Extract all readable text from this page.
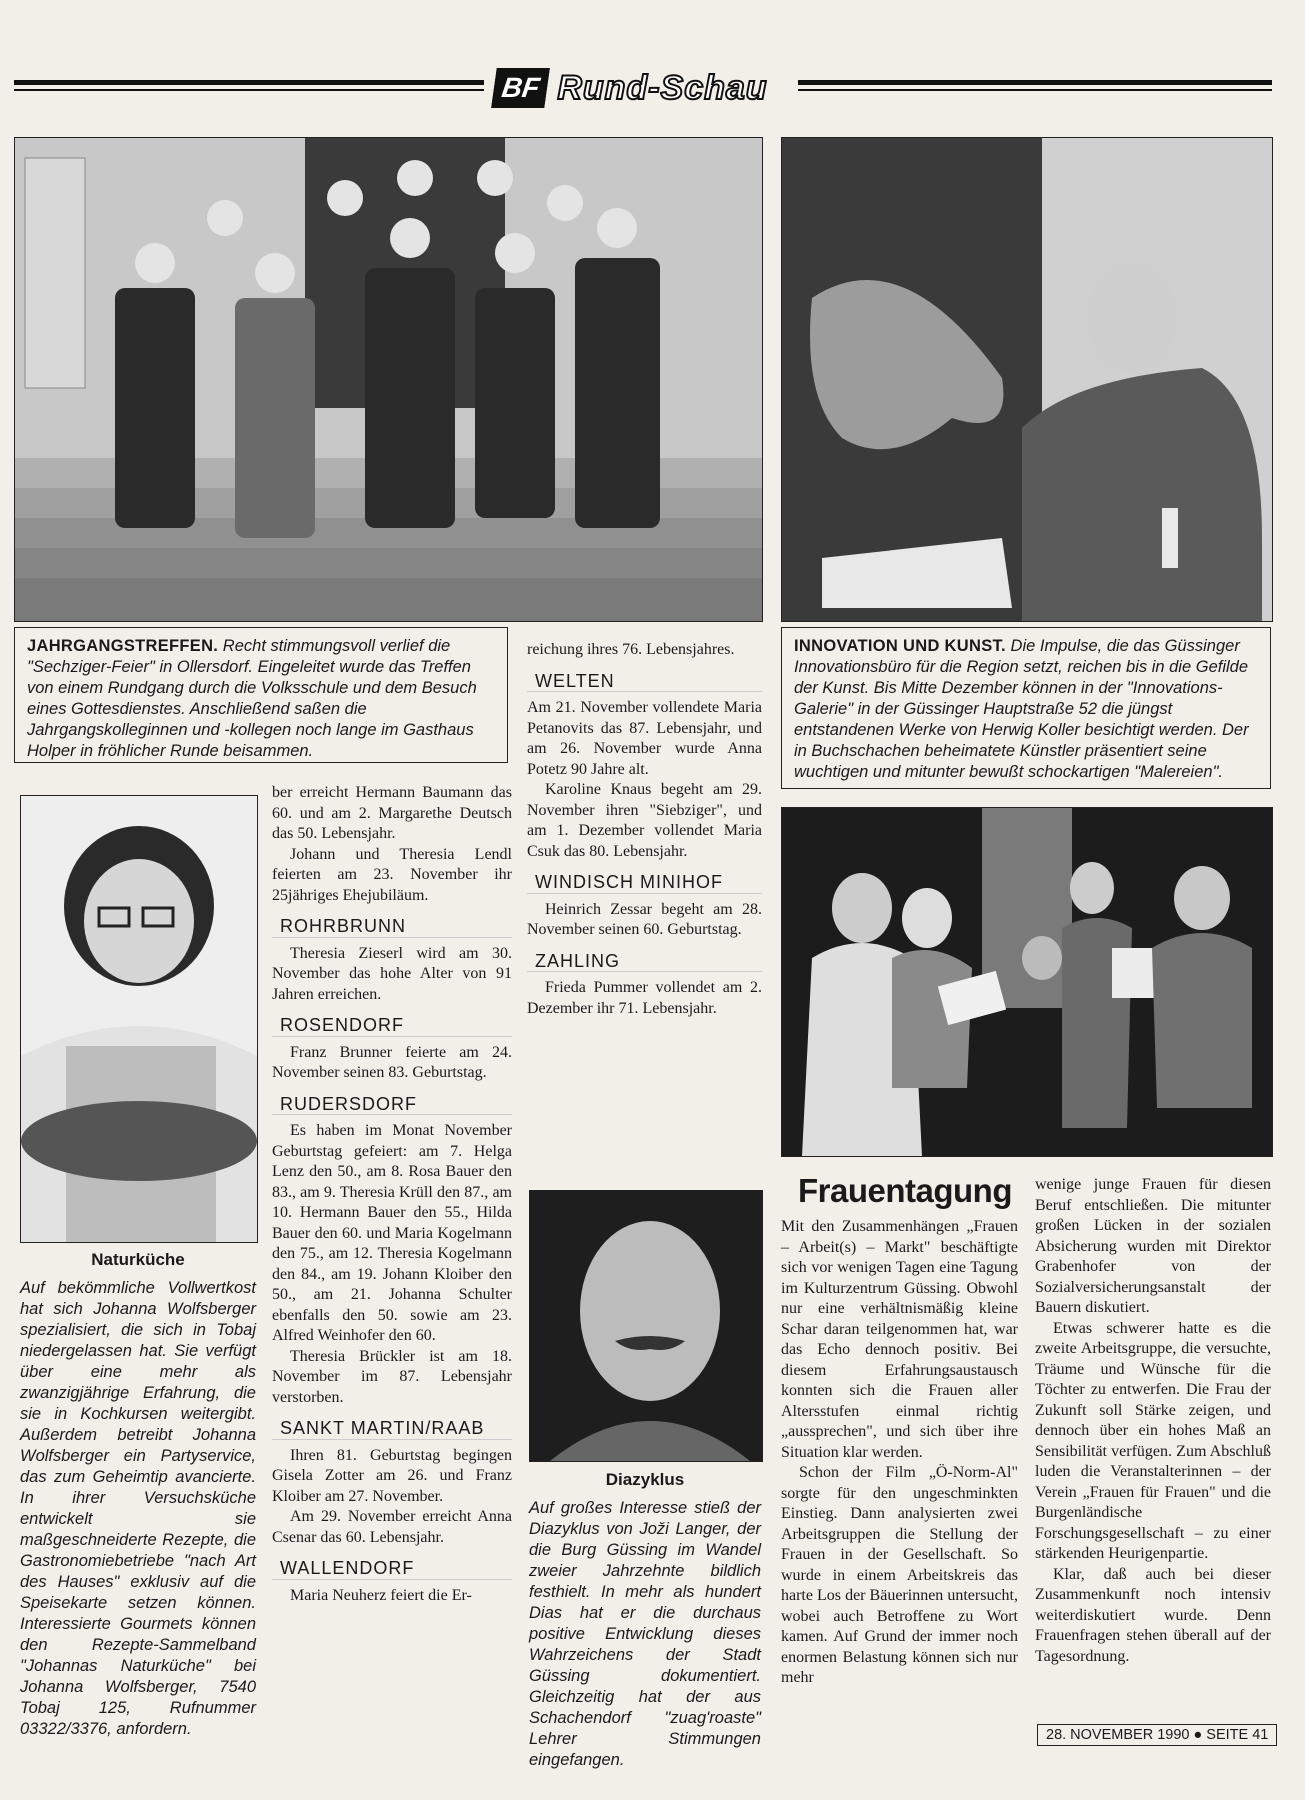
BF Rund-Schau
JAHRGANGSTREFFEN. Recht stimmungsvoll verlief die "Sechziger-Feier" in Ollersdorf. Eingeleitet wurde das Treffen von einem Rundgang durch die Volksschule und dem Besuch eines Gottesdienstes. Anschließend saßen die Jahrgangskolleginnen und -kollegen noch lange im Gasthaus Holper in fröhlicher Runde beisammen.
INNOVATION UND KUNST. Die Impulse, die das Güssinger Innovationsbüro für die Region setzt, reichen bis in die Gefilde der Kunst. Bis Mitte Dezember können in der "Innovations-Galerie" in der Güssinger Hauptstraße 52 die jüngst entstandenen Werke von Herwig Koller besichtigt werden. Der in Buchschachen beheimatete Künstler präsentiert seine wuchtigen und mitunter bewußt schockartigen "Malereien".
Naturküche
Auf bekömmliche Vollwertkost hat sich Johanna Wolfsberger spezialisiert, die sich in Tobaj niedergelassen hat. Sie verfügt über eine mehr als zwanzigjährige Erfahrung, die sie in Kochkursen weitergibt. Außerdem betreibt Johanna Wolfsberger ein Partyservice, das zum Geheimtip avancierte. In ihrer Versuchsküche entwickelt sie maßgeschneiderte Rezepte, die Gastronomiebetriebe "nach Art des Hauses" exklusiv auf die Speisekarte setzen können. Interessierte Gourmets können den Rezepte-Sammelband "Johannas Naturküche" bei Johanna Wolfsberger, 7540 Tobaj 125, Rufnummer 03322/3376, anfordern.

ber erreicht Hermann Baumann das 60. und am 2. Margarethe Deutsch das 50. Lebensjahr.

Johann und Theresia Lendl feierten am 23. November ihr 25jähriges Ehejubiläum.

ROHRBRUNN

Theresia Zieserl wird am 30. November das hohe Alter von 91 Jahren erreichen.

ROSENDORF

Franz Brunner feierte am 24. November seinen 83. Geburtstag.

RUDERSDORF

Es haben im Monat November Geburtstag gefeiert: am 7. Helga Lenz den 50., am 8. Rosa Bauer den 83., am 9. Theresia Krüll den 87., am 10. Hermann Bauer den 55., Hilda Bauer den 60. und Maria Kogelmann den 75., am 12. Theresia Kogelmann den 84., am 19. Johann Kloiber den 50., am 21. Johanna Schulter ebenfalls den 50. sowie am 23. Alfred Weinhofer den 60.

Theresia Brückler ist am 18. November im 87. Lebensjahr verstorben.

SANKT MARTIN/RAAB

Ihren 81. Geburtstag begingen Gisela Zotter am 26. und Franz Kloiber am 27. November.

Am 29. November erreicht Anna Csenar das 60. Lebensjahr.

WALLENDORF

Maria Neuherz feiert die Er-

reichung ihres 76. Lebensjahres.

WELTEN

Am 21. November vollendete Maria Petanovits das 87. Lebensjahr, und am 26. November wurde Anna Potetz 90 Jahre alt.

Karoline Knaus begeht am 29. November ihren "Siebziger", und am 1. Dezember vollendet Maria Csuk das 80. Lebensjahr.

WINDISCH MINIHOF

Heinrich Zessar begeht am 28. November seinen 60. Geburtstag.

ZAHLING

Frieda Pummer vollendet am 2. Dezember ihr 71. Lebensjahr.

Diazyklus
Auf großes Interesse stieß der Diazyklus von Joži Langer, der die Burg Güssing im Wandel zweier Jahrzehnte bildlich festhielt. In mehr als hundert Dias hat er die durchaus positive Entwicklung dieses Wahrzeichens der Stadt Güssing dokumentiert. Gleichzeitig hat der aus Schachendorf "zuag'roaste" Lehrer Stimmungen eingefangen.
Frauentagung

Mit den Zusammenhängen „Frauen – Arbeit(s) – Markt" beschäftigte sich vor wenigen Tagen eine Tagung im Kulturzentrum Güssing. Obwohl nur eine verhältnismäßig kleine Schar daran teilgenommen hat, war das Echo dennoch positiv. Bei diesem Erfahrungsaustausch konnten sich die Frauen aller Altersstufen einmal richtig „aussprechen", und sich über ihre Situation klar werden.

Schon der Film „Ö-Norm-Al" sorgte für den ungeschminkten Einstieg. Dann analysierten zwei Arbeitsgruppen die Stellung der Frauen in der Gesellschaft. So wurde in einem Arbeitskreis das harte Los der Bäuerinnen untersucht, wobei auch Betroffene zu Wort kamen. Auf Grund der immer noch enormen Belastung können sich nur mehr

wenige junge Frauen für diesen Beruf entschließen. Die mitunter großen Lücken in der sozialen Absicherung wurden mit Direktor Grabenhofer von der Sozialversicherungsanstalt der Bauern diskutiert.

Etwas schwerer hatte es die zweite Arbeitsgruppe, die versuchte, Träume und Wünsche für die Töchter zu entwerfen. Die Frau der Zukunft soll Stärke zeigen, und dennoch über ein hohes Maß an Sensibilität verfügen. Zum Abschluß luden die Veranstalterinnen – der Verein „Frauen für Frauen" und die Burgenländische Forschungsgesellschaft – zu einer stärkenden Heurigenpartie.

Klar, daß auch bei dieser Zusammenkunft noch intensiv weiterdiskutiert wurde. Denn Frauenfragen stehen überall auf der Tagesordnung.

28. NOVEMBER 1990 ● SEITE 41
